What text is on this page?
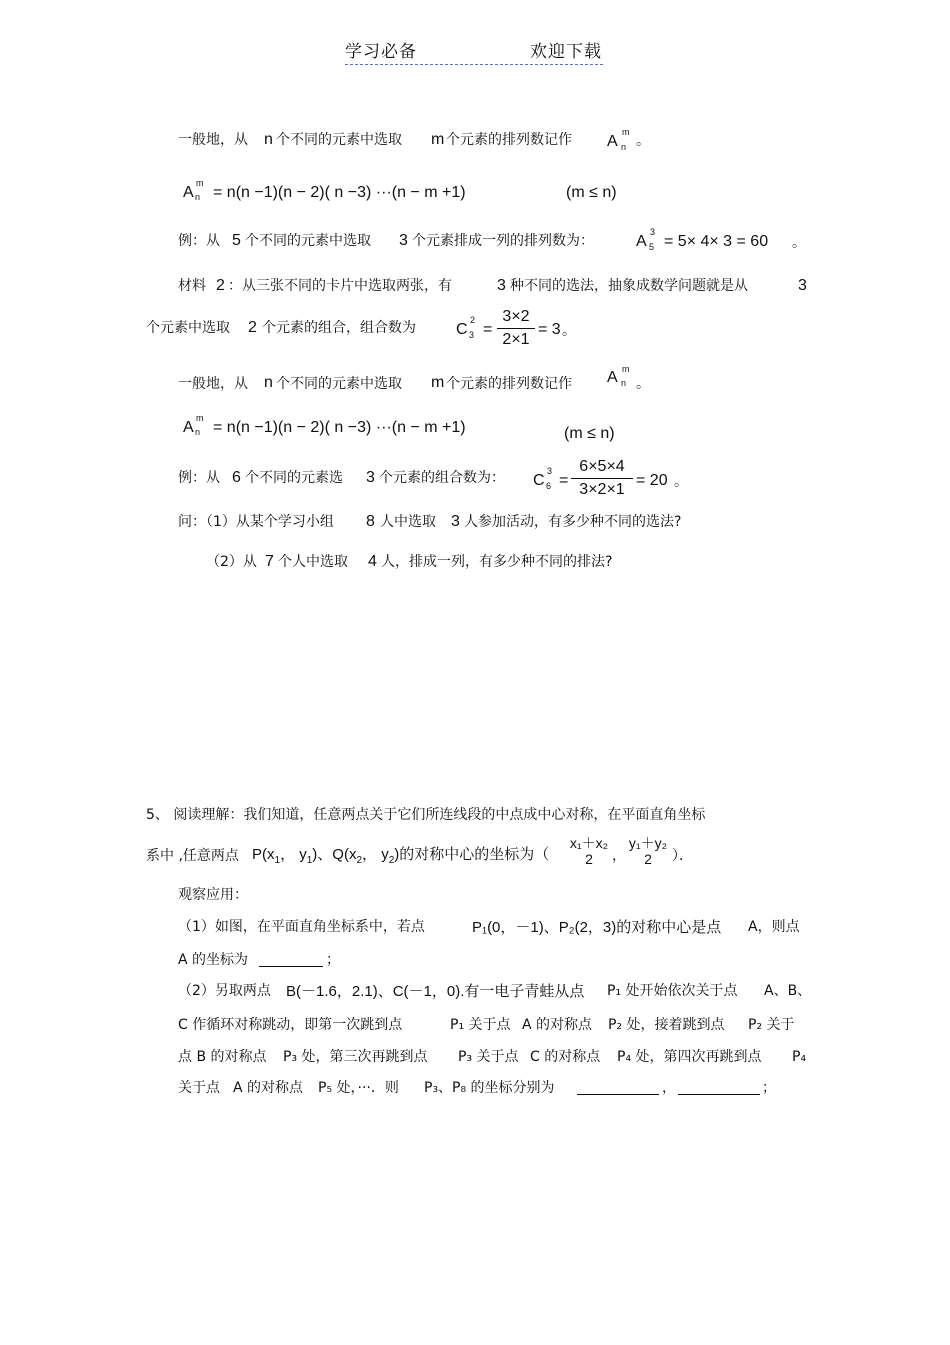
学习必备	欢迎下载
一般地，从 n 个不同的元素中选取 m 个元素的排列数记作 A
m
n 。
A
m
n = n(n −1)(n − 2)( n −3) ···(n − m +1)	(m ≤ n)
例：从 5 个不同的元素中选取 3 个元素排成一列的排列数为：	A
3
5 = 5× 4× 3 = 60 。
材料 2 ：从三张不同的卡片中选取两张，有	3 种不同的选法，抽象成数学问题就是从	3
个元素中选取 2 个元素的组合，组合数为	C
2
3 =
3×2
2×1
= 3 。
一般地，从 n 个不同的元素中选取 m 个元素的排列数记作 A m
n 。
A
m
n = n(n −1)(n − 2)( n −3) ···(n − m +1)	(m ≤ n)
例：从 6 个不同的元素选 3 个元素的组合数为： C
3
6 =
6×5×4
3×2×1
= 20 。
问：（1）从某个学习小组 8 人中选取 3 人参加活动，有多少种不同的选法?
（2）从 7 个人中选取 4 人，排成一列，有多少种不同的排法?
5、 阅读理解：我们知道，任意两点关于它们所连线段的中点成中心对称，在平面直角坐标
系中 ,任意两点 $P(x_1$， $y_1$)、$Q(x_2$， $y_2$)的对称中心的坐标为（
x₁＋x₂
2	，
y₁＋y₂
2	）．
观察应用：
（1）如图，在平面直角坐标系中，若点	P₁(0，－1)、P₂(2，3)的对称中心是点 A，则点
A 的坐标为	；
（2）另取两点 B(－1.6，2.1)、C(－1，0).有一电子青蛙从点 P₁ 处开始依次关于点 A、B、
C 作循环对称跳动，即第一次跳到点	P₁ 关于点 A 的对称点 P₂ 处，接着跳到点 P₂ 关于
点 B 的对称点 P₃ 处，第三次再跳到点 P₃ 关于点 C 的对称点 P₄ 处，第四次再跳到点 P₄
关于点 A 的对称点 P₅ 处，···．则 P₃、P₈ 的坐标分别为	，	；
